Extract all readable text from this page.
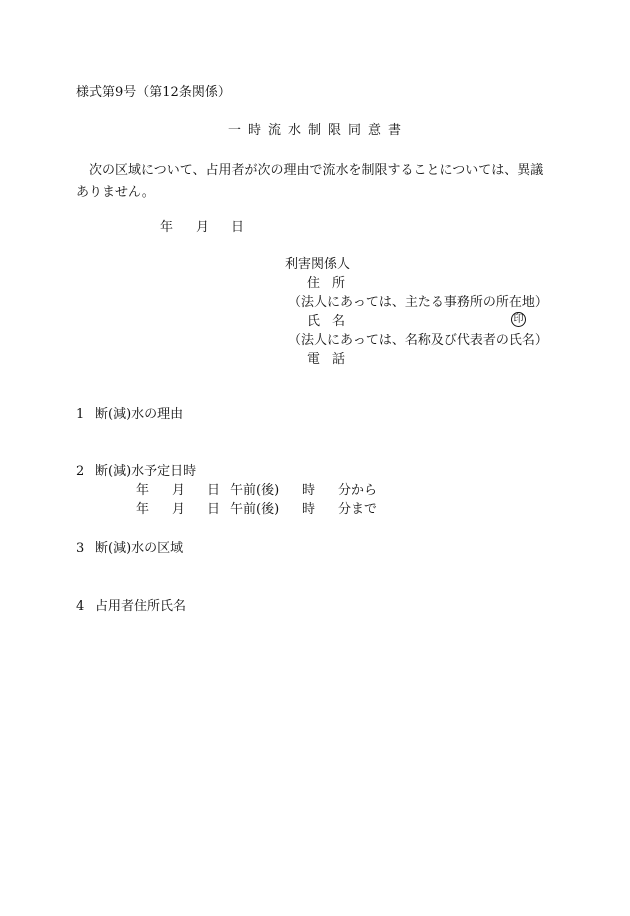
様式第9号（第12条関係）
一時流水制限同意書
次の区域について、占用者が次の理由で流水を制限することについては、異議ありません。
年 月 日
利害関係人
住所
（法人にあっては、主たる事務所の所在地）
氏名	印
（法人にあっては、名称及び代表者の氏名）
電話
1 断(減)水の理由
2 断(減)水予定日時
年 月 日 午前(後) 時 分から
年 月 日 午前(後) 時 分まで
3 断(減)水の区域
4 占用者住所氏名
